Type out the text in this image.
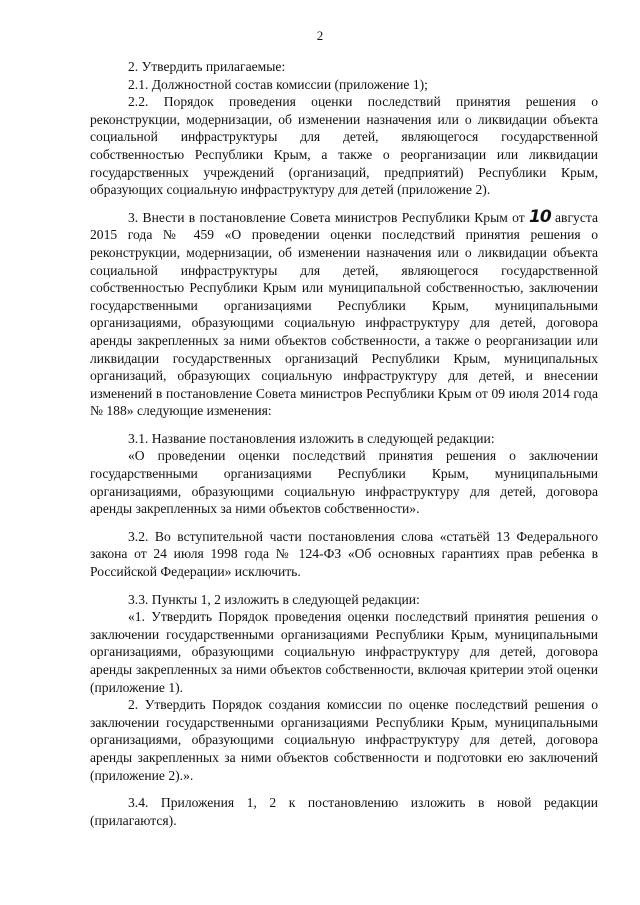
2

2. Утвердить прилагаемые:

2.1. Должностной состав комиссии (приложение 1);

2.2. Порядок проведения оценки последствий принятия решения о реконструкции, модернизации, об изменении назначения или о ликвидации объекта социальной инфраструктуры для детей, являющегося государственной собственностью Республики Крым, а также о реорганизации или ликвидации государственных учреждений (организаций, предприятий) Республики Крым, образующих социальную инфраструктуру для детей (приложение 2).

3. Внести в постановление Совета министров Республики Крым от 10 августа 2015 года № 459 «О проведении оценки последствий принятия решения о реконструкции, модернизации, об изменении назначения или о ликвидации объекта социальной инфраструктуры для детей, являющегося государственной собственностью Республики Крым или муниципальной собственностью, заключении государственными организациями Республики Крым, муниципальными организациями, образующими социальную инфраструктуру для детей, договора аренды закрепленных за ними объектов собственности, а также о реорганизации или ликвидации государственных организаций Республики Крым, муниципальных организаций, образующих социальную инфраструктуру для детей, и внесении изменений в постановление Совета министров Республики Крым от 09 июля 2014 года № 188» следующие изменения:

3.1. Название постановления изложить в следующей редакции:

«О проведении оценки последствий принятия решения о заключении государственными организациями Республики Крым, муниципальными организациями, образующими социальную инфраструктуру для детей, договора аренды закрепленных за ними объектов собственности».

3.2. Во вступительной части постановления слова «статьёй 13 Федерального закона от 24 июля 1998 года № 124-ФЗ «Об основных гарантиях прав ребенка в Российской Федерации» исключить.

3.3. Пункты 1, 2 изложить в следующей редакции:

«1. Утвердить Порядок проведения оценки последствий принятия решения о заключении государственными организациями Республики Крым, муниципальными организациями, образующими социальную инфраструктуру для детей, договора аренды закрепленных за ними объектов собственности, включая критерии этой оценки (приложение 1).

2. Утвердить Порядок создания комиссии по оценке последствий решения о заключении государственными организациями Республики Крым, муниципальными организациями, образующими социальную инфраструктуру для детей, договора аренды закрепленных за ними объектов собственности и подготовки ею заключений (приложение 2).».

3.4. Приложения 1, 2 к постановлению изложить в новой редакции (прилагаются).
